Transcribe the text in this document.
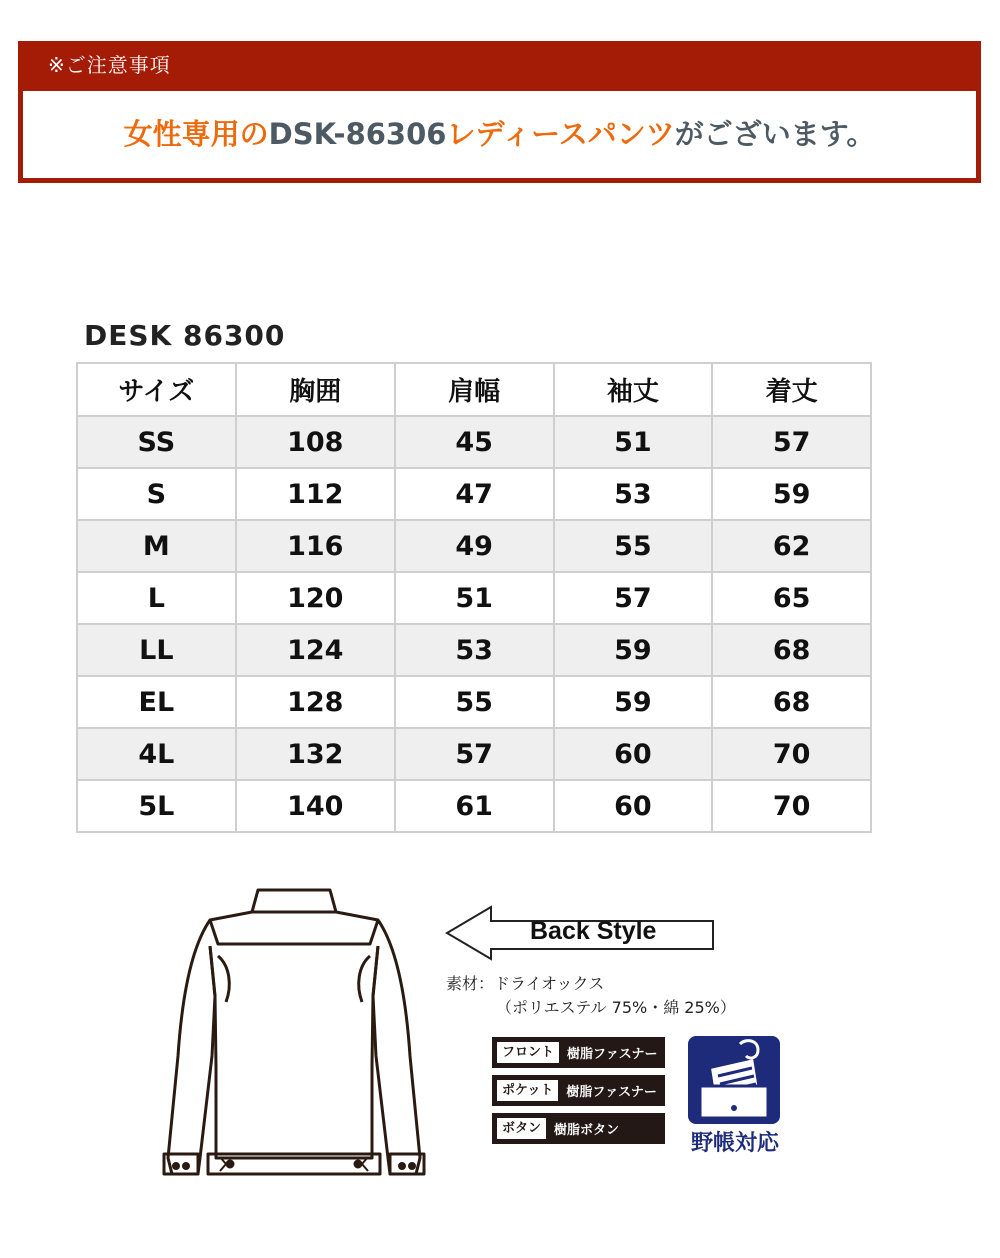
※ご注意事項
女性専用のDSK-86306レディースパンツがございます。
DESK 86300
サイズ	胸囲	肩幅	袖丈	着丈
SS	108	45	51	57
S	112	47	53	59
M	116	49	55	62
L	120	51	57	65
LL	124	53	59	68
EL	128	55	59	68
4L	132	57	60	70
5L	140	61	60	70
Back Style
素材：ドライオックス
（ポリエステル 75%・綿 25%）
フロント	樹脂ファスナー
ポケット	樹脂ファスナー
ボタン	樹脂ボタン
野帳対応
